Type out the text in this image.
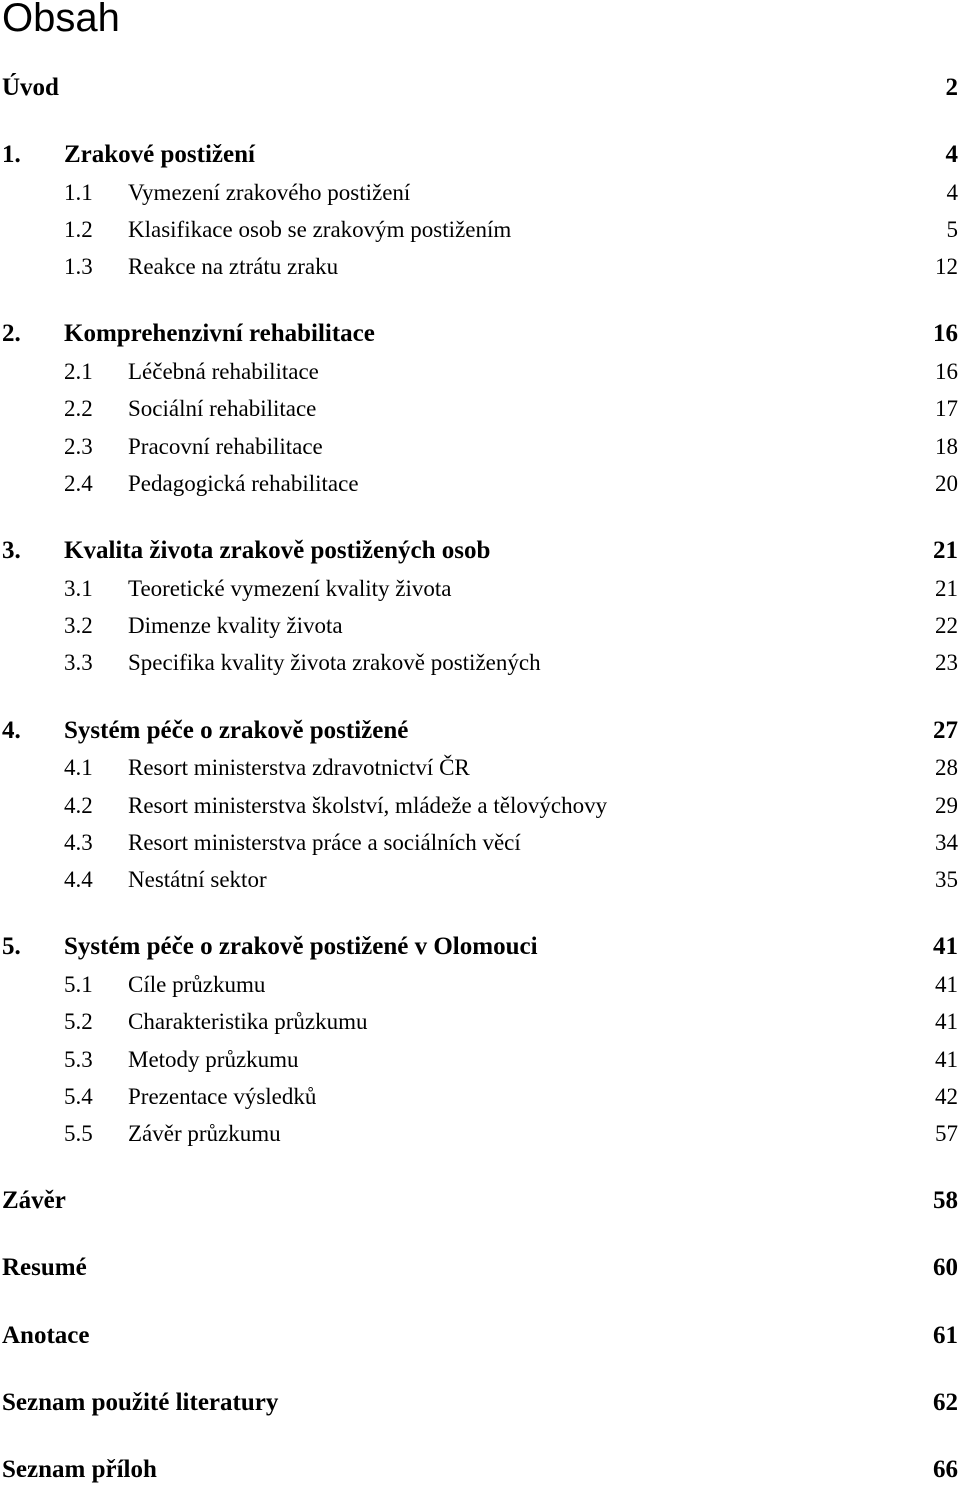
Obsah
Úvod	2
1. Zrakové postižení	4
1.1 Vymezení zrakového postižení	4
1.2 Klasifikace osob se zrakovým postižením	5
1.3 Reakce na ztrátu zraku	12
2. Komprehenzivní rehabilitace	16
2.1 Léčebná rehabilitace	16
2.2 Sociální rehabilitace	17
2.3 Pracovní rehabilitace	18
2.4 Pedagogická rehabilitace	20
3. Kvalita života zrakově postižených osob	21
3.1 Teoretické vymezení kvality života	21
3.2 Dimenze kvality života	22
3.3 Specifika kvality života zrakově postižených	23
4. Systém péče o zrakově postižené	27
4.1 Resort ministerstva zdravotnictví ČR	28
4.2 Resort ministerstva školství, mládeže a tělovýchovy	29
4.3 Resort ministerstva práce a sociálních věcí	34
4.4 Nestátní sektor	35
5. Systém péče o zrakově postižené v Olomouci	41
5.1 Cíle průzkumu	41
5.2 Charakteristika průzkumu	41
5.3 Metody průzkumu	41
5.4 Prezentace výsledků	42
5.5 Závěr průzkumu	57
Závěr	58
Resumé	60
Anotace	61
Seznam použité literatury	62
Seznam příloh	66
